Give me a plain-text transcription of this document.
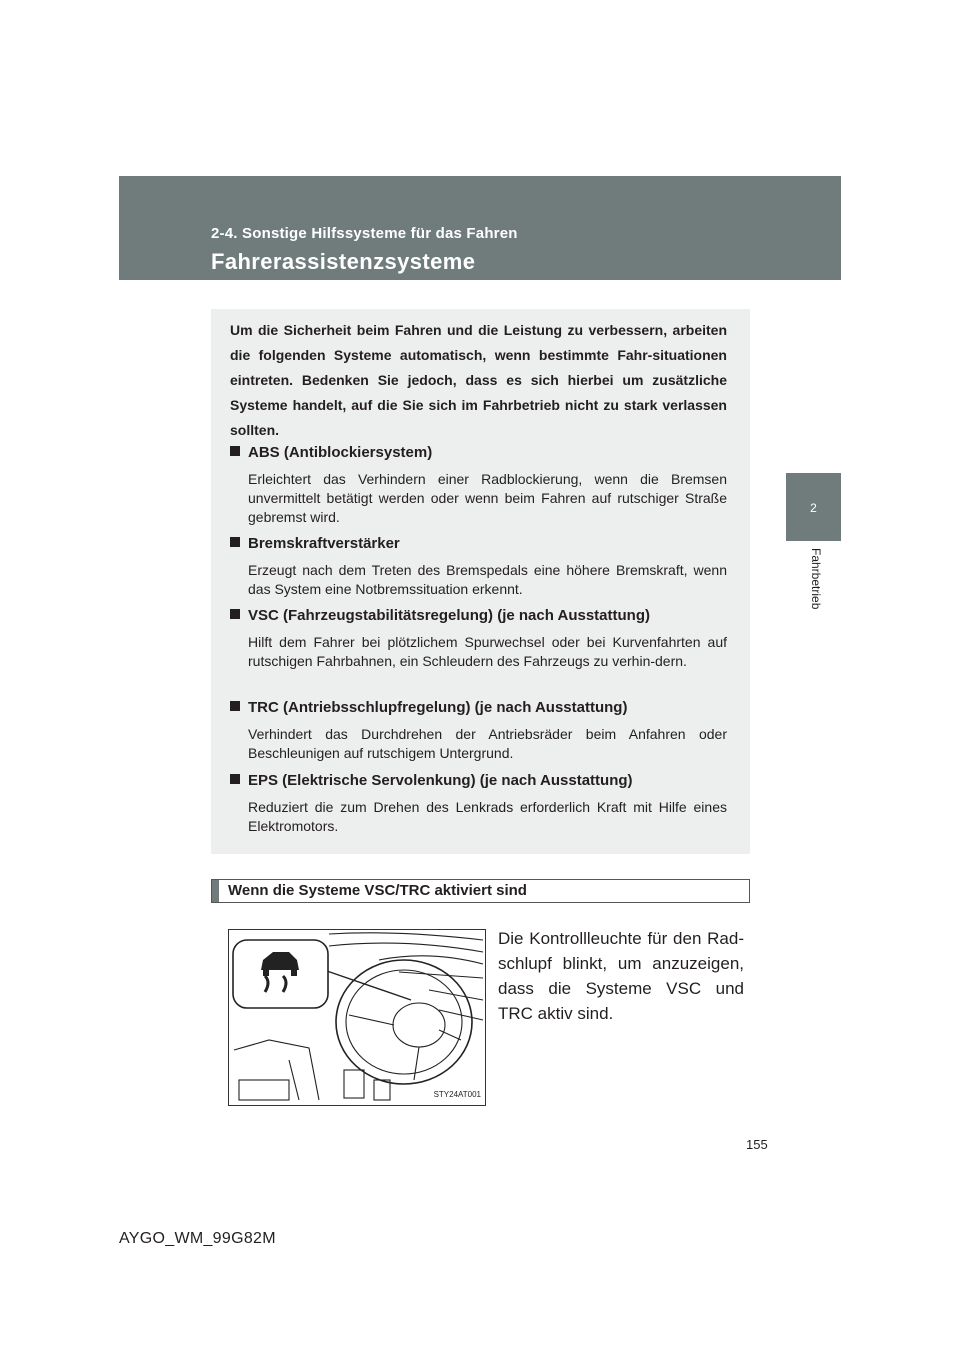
2-4. Sonstige Hilfssysteme für das Fahren
Fahrerassistenzsysteme
2
Fahrbetrieb
Um die Sicherheit beim Fahren und die Leistung zu verbessern, arbeiten die folgenden Systeme automatisch, wenn bestimmte Fahr-situationen eintreten. Bedenken Sie jedoch, dass es sich hierbei um zusätzliche Systeme handelt, auf die Sie sich im Fahrbetrieb nicht zu stark verlassen sollten.
ABS (Antiblockiersystem)
Erleichtert das Verhindern einer Radblockierung, wenn die Bremsen unvermittelt betätigt werden oder wenn beim Fahren auf rutschiger Straße gebremst wird.
Bremskraftverstärker
Erzeugt nach dem Treten des Bremspedals eine höhere Bremskraft, wenn das System eine Notbremssituation erkennt.
VSC (Fahrzeugstabilitätsregelung) (je nach Ausstattung)
Hilft dem Fahrer bei plötzlichem Spurwechsel oder bei Kurvenfahrten auf rutschigen Fahrbahnen, ein Schleudern des Fahrzeugs zu verhin-dern.
TRC (Antriebsschlupfregelung) (je nach Ausstattung)
Verhindert das Durchdrehen der Antriebsräder beim Anfahren oder Beschleunigen auf rutschigem Untergrund.
EPS (Elektrische Servolenkung) (je nach Ausstattung)
Reduziert die zum Drehen des Lenkrads erforderlich Kraft mit Hilfe eines Elektromotors.
Wenn die Systeme VSC/TRC aktiviert sind
STY24AT001
Die Kontrollleuchte für den Rad-schlupf blinkt, um anzuzeigen, dass die Systeme VSC und TRC aktiv sind.
155
AYGO_WM_99G82M
